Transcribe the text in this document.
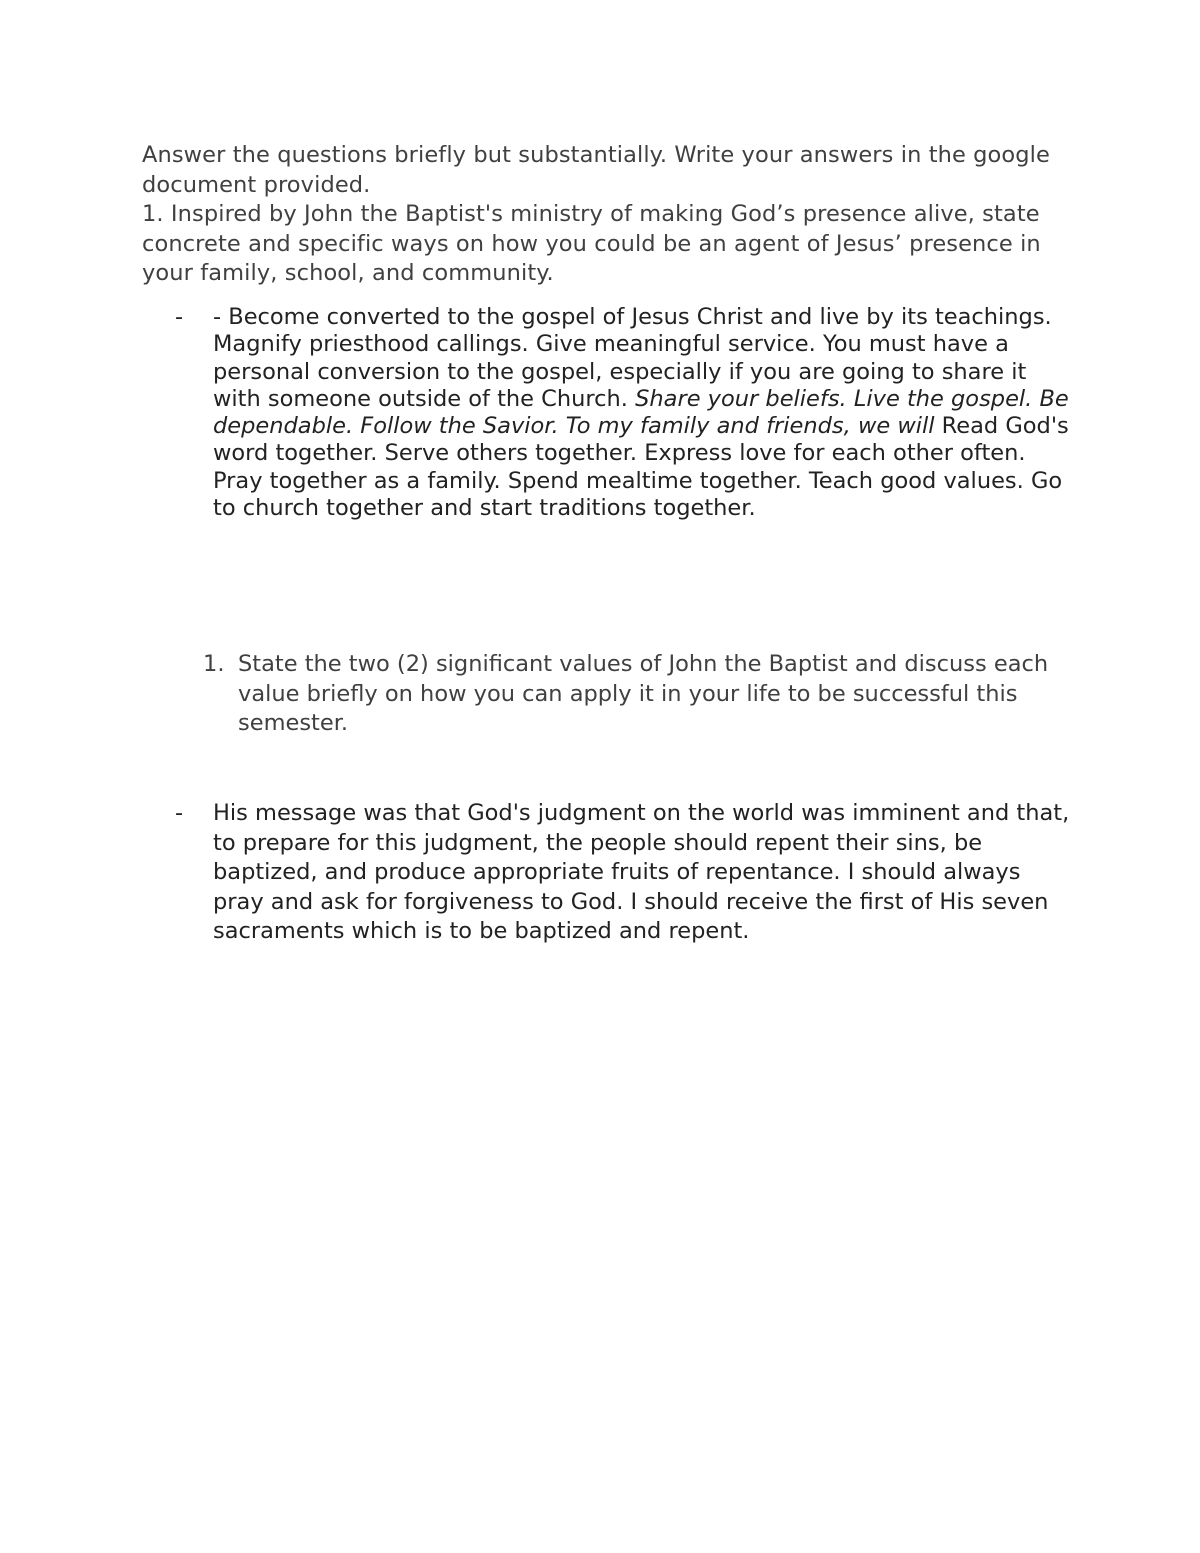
Answer the questions briefly but substantially. Write your answers in the google document provided.

1. Inspired by John the Baptist's ministry of making God’s presence alive, state concrete and specific ways on how you could be an agent of Jesus’ presence in your family, school, and community.

- - Become converted to the gospel of Jesus Christ and live by its teachings. Magnify priesthood callings. Give meaningful service. You must have a personal conversion to the gospel, especially if you are going to share it with someone outside of the Church. Share your beliefs. Live the gospel. Be dependable. Follow the Savior. To my family and friends, we will Read God's word together. Serve others together. Express love for each other often. Pray together as a family. Spend mealtime together. Teach good values. Go to church together and start traditions together.
1. State the two (2) significant values of John the Baptist and discuss each value briefly on how you can apply it in your life to be successful this semester.
- His message was that God's judgment on the world was imminent and that, to prepare for this judgment, the people should repent their sins, be baptized, and produce appropriate fruits of repentance. I should always pray and ask for forgiveness to God. I should receive the first of His seven sacraments which is to be baptized and repent.
